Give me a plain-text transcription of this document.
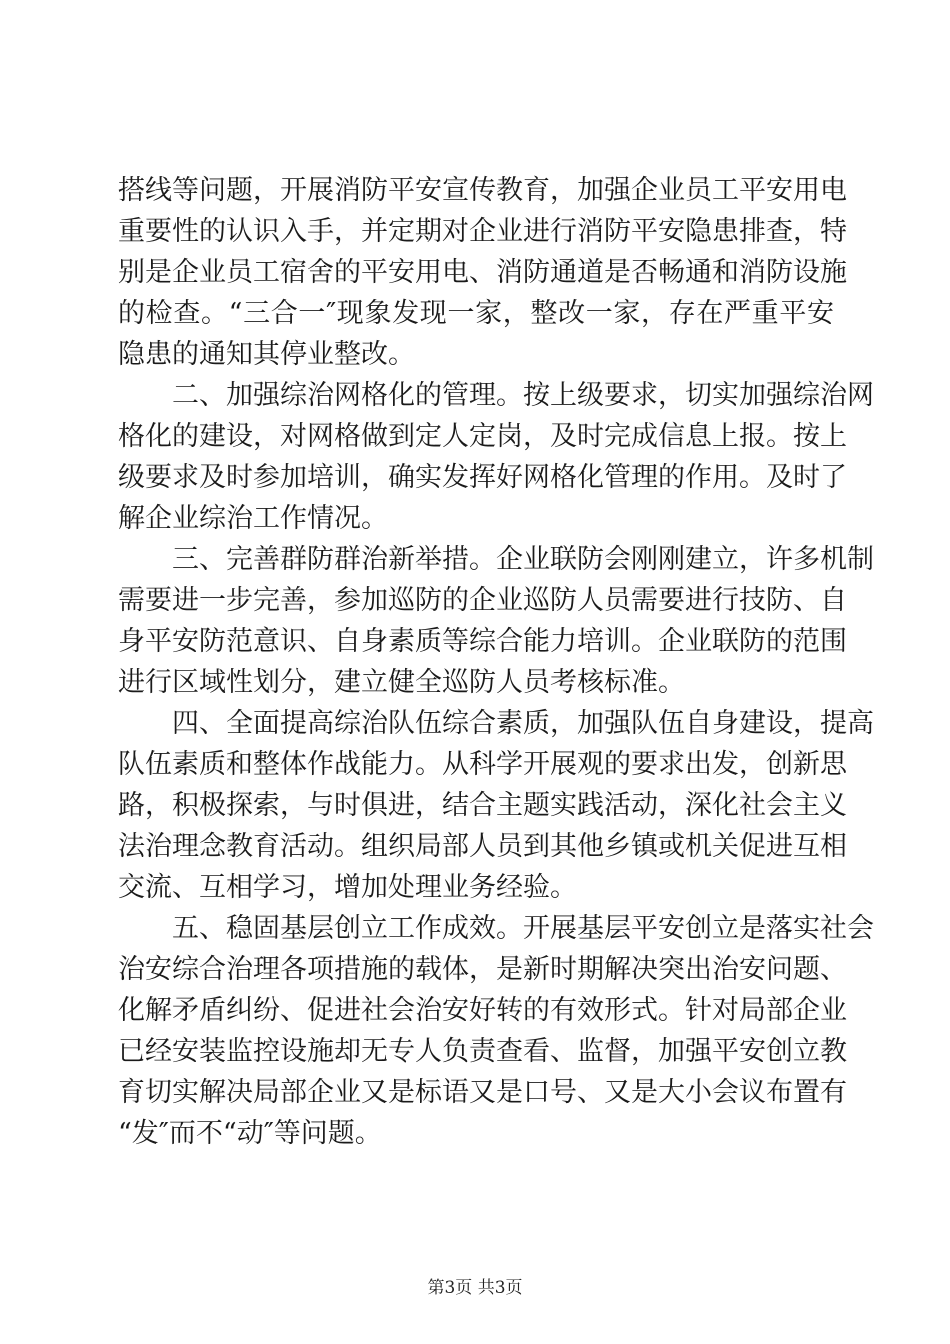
搭线等问题，开展消防平安宣传教育，加强企业员工平安用电
重要性的认识入手，并定期对企业进行消防平安隐患排查，特
别是企业员工宿舍的平安用电、消防通道是否畅通和消防设施
的检查。“三合一″现象发现一家，整改一家，存在严重平安
隐患的通知其停业整改。
二、加强综治网格化的管理。按上级要求，切实加强综治网
格化的建设，对网格做到定人定岗，及时完成信息上报。按上
级要求及时参加培训，确实发挥好网格化管理的作用。及时了
解企业综治工作情况。
三、完善群防群治新举措。企业联防会刚刚建立，许多机制
需要进一步完善，参加巡防的企业巡防人员需要进行技防、自
身平安防范意识、自身素质等综合能力培训。企业联防的范围
进行区域性划分，建立健全巡防人员考核标准。
四、全面提高综治队伍综合素质，加强队伍自身建设，提高
队伍素质和整体作战能力。从科学开展观的要求出发，创新思
路，积极探索，与时俱进，结合主题实践活动，深化社会主义
法治理念教育活动。组织局部人员到其他乡镇或机关促进互相
交流、互相学习，增加处理业务经验。
五、稳固基层创立工作成效。开展基层平安创立是落实社会
治安综合治理各项措施的载体，是新时期解决突出治安问题、
化解矛盾纠纷、促进社会治安好转的有效形式。针对局部企业
已经安装监控设施却无专人负责查看、监督，加强平安创立教
育切实解决局部企业又是标语又是口号、又是大小会议布置有
“发″而不“动″等问题。
第3页 共3页
